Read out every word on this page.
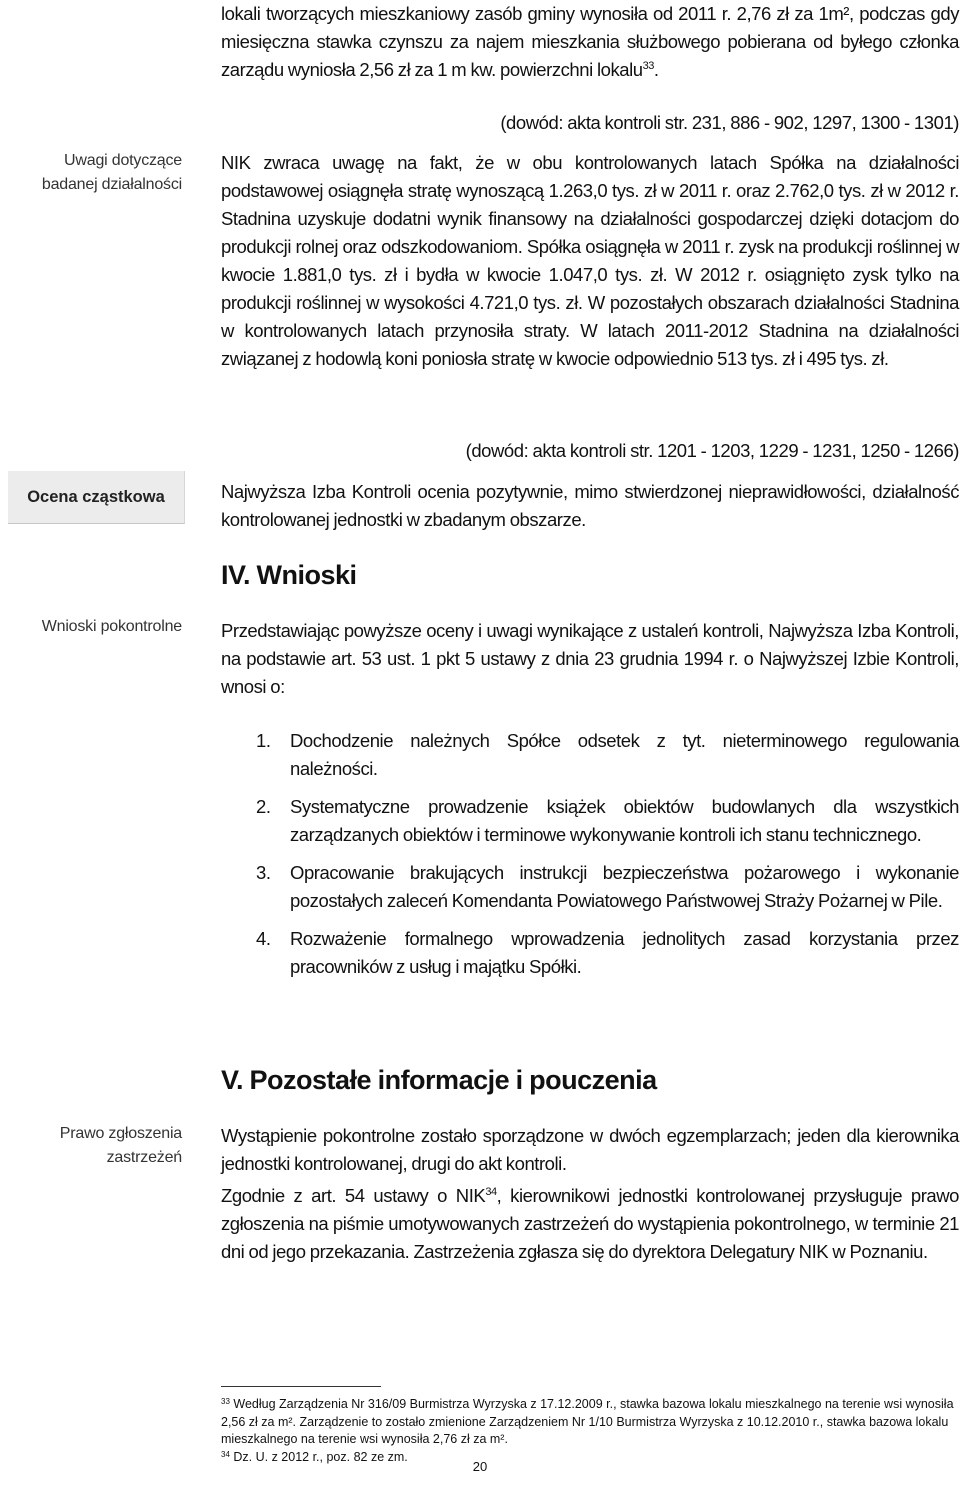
lokali tworzących mieszkaniowy zasób gminy wynosiła od 2011 r. 2,76 zł za 1m², podczas gdy miesięczna stawka czynszu za najem mieszkania służbowego pobierana od byłego członka zarządu wyniosła 2,56 zł za 1 m kw. powierzchni lokalu$^{33}$.
(dowód: akta kontroli str. 231, 886 - 902, 1297, 1300 - 1301)
Uwagi dotyczące badanej działalności
Ocena cząstkowa
Wnioski pokontrolne
Prawo zgłoszenia zastrzeżeń
NIK zwraca uwagę na fakt, że w obu kontrolowanych latach Spółka na działalności podstawowej osiągnęła stratę wynoszącą 1.263,0 tys. zł w 2011 r. oraz 2.762,0 tys. zł w 2012 r. Stadnina uzyskuje dodatni wynik finansowy na działalności gospodarczej dzięki dotacjom do produkcji rolnej oraz odszkodowaniom. Spółka osiągnęła w 2011 r. zysk na produkcji roślinnej w kwocie 1.881,0 tys. zł i bydła w kwocie 1.047,0 tys. zł. W 2012 r. osiągnięto zysk tylko na produkcji roślinnej w wysokości 4.721,0 tys. zł. W pozostałych obszarach działalności Stadnina w kontrolowanych latach przynosiła straty. W latach 2011-2012 Stadnina na działalności związanej z hodowlą koni poniosła stratę w kwocie odpowiednio 513 tys. zł i 495 tys. zł.
(dowód: akta kontroli str. 1201 - 1203, 1229 - 1231, 1250 - 1266)
Najwyższa Izba Kontroli ocenia pozytywnie, mimo stwierdzonej nieprawidłowości, działalność kontrolowanej jednostki w zbadanym obszarze.
IV. Wnioski
Przedstawiając powyższe oceny i uwagi wynikające z ustaleń kontroli, Najwyższa Izba Kontroli, na podstawie art. 53 ust. 1 pkt 5 ustawy z dnia 23 grudnia 1994 r. o Najwyższej Izbie Kontroli, wnosi o:
1.	Dochodzenie należnych Spółce odsetek z tyt. nieterminowego regulowania należności.
2.	Systematyczne prowadzenie książek obiektów budowlanych dla wszystkich zarządzanych obiektów i terminowe wykonywanie kontroli ich stanu technicznego.
3.	Opracowanie brakujących instrukcji bezpieczeństwa pożarowego i wykonanie pozostałych zaleceń Komendanta Powiatowego Państwowej Straży Pożarnej w Pile.
4.	Rozważenie formalnego wprowadzenia jednolitych zasad korzystania przez pracowników z usług i majątku Spółki.
V. Pozostałe informacje i pouczenia
Wystąpienie pokontrolne zostało sporządzone w dwóch egzemplarzach; jeden dla kierownika jednostki kontrolowanej, drugi do akt kontroli.
Zgodnie z art. 54 ustawy o NIK$^{34}$, kierownikowi jednostki kontrolowanej przysługuje prawo zgłoszenia na piśmie umotywowanych zastrzeżeń do wystąpienia pokontrolnego, w terminie 21 dni od jego przekazania. Zastrzeżenia zgłasza się do dyrektora Delegatury NIK w Poznaniu.
$^{33}$ Według Zarządzenia Nr 316/09 Burmistrza Wyrzyska z 17.12.2009 r., stawka bazowa lokalu mieszkalnego na terenie wsi wynosiła 2,56 zł za m². Zarządzenie to zostało zmienione Zarządzeniem Nr 1/10 Burmistrza Wyrzyska z 10.12.2010 r., stawka bazowa lokalu mieszkalnego na terenie wsi wynosiła 2,76 zł za m².
$^{34}$ Dz. U. z 2012 r., poz. 82 ze zm.
20
